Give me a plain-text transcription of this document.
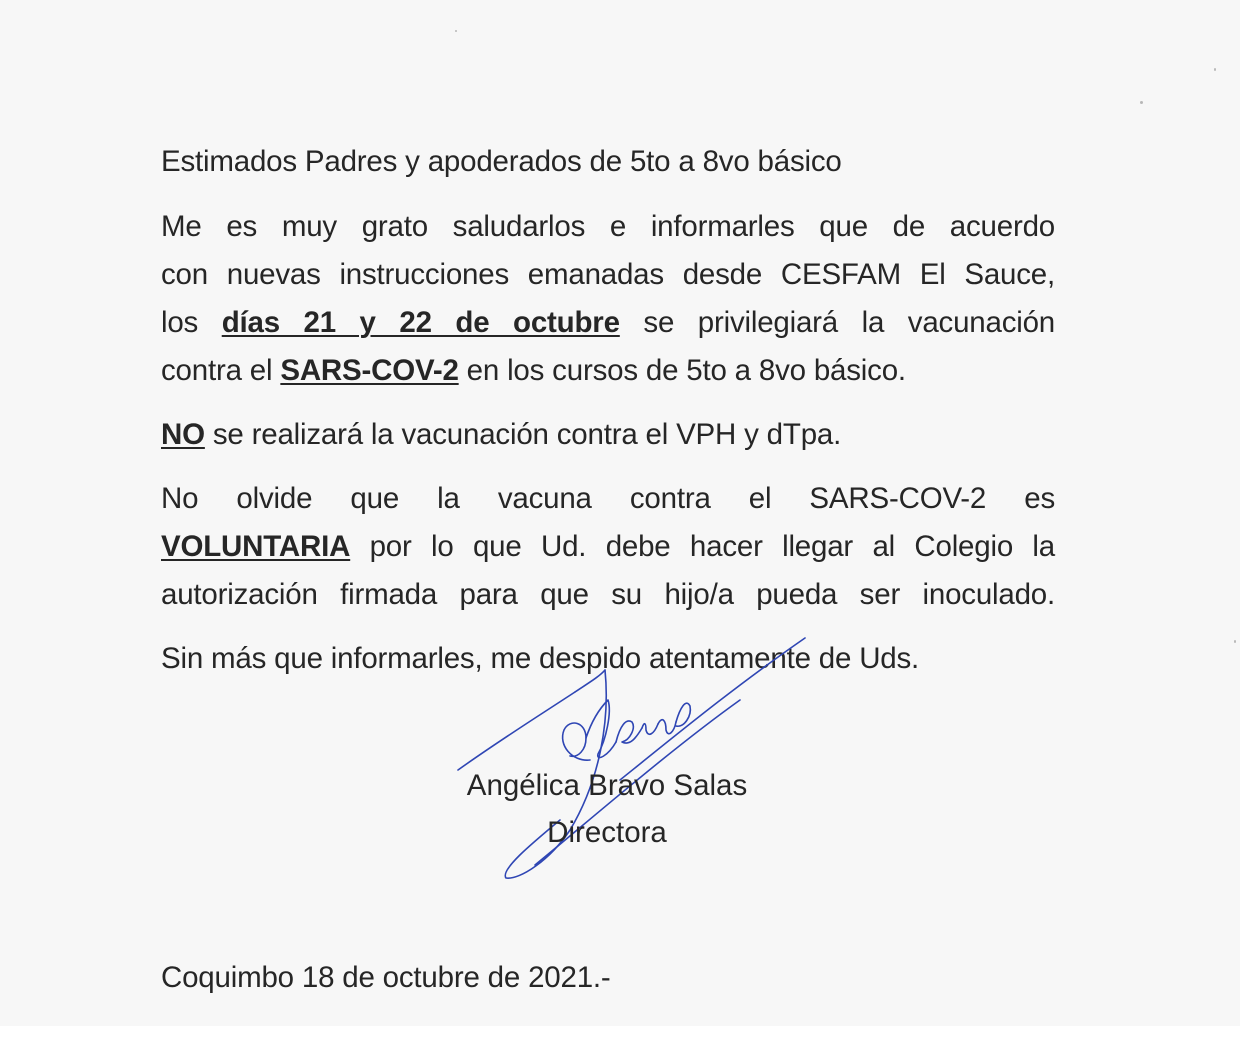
Estimados Padres y apoderados de 5to a 8vo básico

Me es muy grato saludarlos e informarles que de acuerdo
con nuevas instrucciones emanadas desde CESFAM El Sauce,
los días 21 y 22 de octubre se privilegiará la vacunación
contra el SARS-COV-2 en los cursos de 5to a 8vo básico.
NO se realizará la vacunación contra el VPH y dTpa.
No olvide que la vacuna contra el SARS-COV-2 es
VOLUNTARIA por lo que Ud. debe hacer llegar al Colegio la
autorización firmada para que su hijo/a pueda ser inoculado.

Sin más que informarles, me despido atentamente de Uds.

Angélica Bravo Salas

Directora

Coquimbo 18 de octubre de 2021.-
